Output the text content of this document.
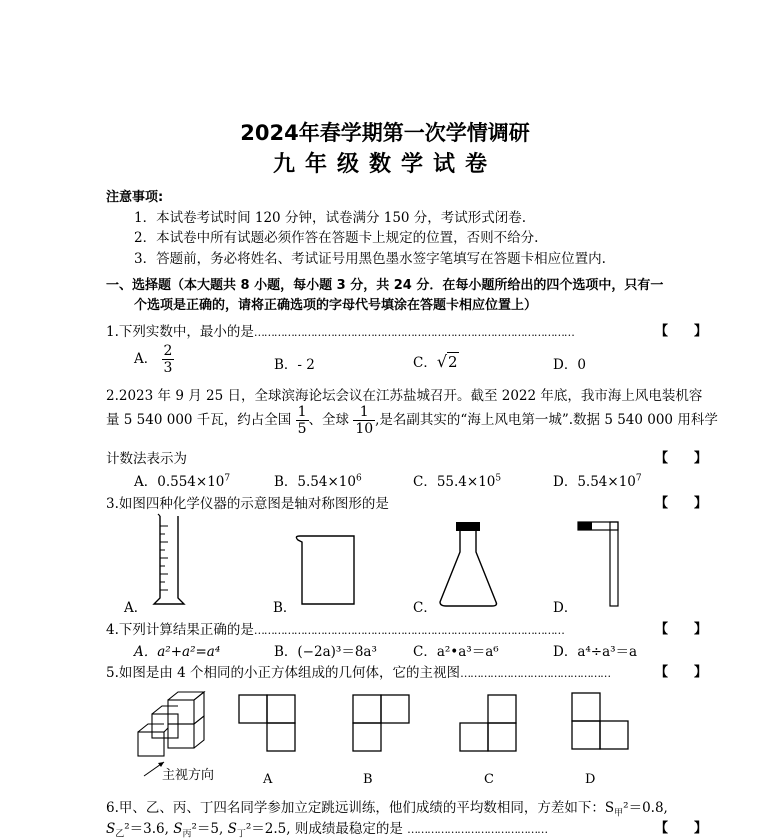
2024年春学期第一次学情调研
九年级数学试卷
注意事项:
1．本试卷考试时间 120 分钟，试卷满分 150 分，考试形式闭卷.
2．本试卷中所有试题必须作答在答题卡上规定的位置，否则不给分.
3．答题前，务必将姓名、考试证号用黑色墨水签字笔填写在答题卡相应位置内.
一、选择题（本大题共 8 小题，每小题 3 分，共 24 分．在每小题所给出的四个选项中，只有一
个选项是正确的，请将正确选项的字母代号填涂在答题卡相应位置上）
1.下列实数中，最小的是……………………………………………………………………………………	【　　】
A． $\frac{2}{3}$	B．- 2	C．√2	D．0
2.2023 年 9 月 25 日，全球滨海论坛会议在江苏盐城召开。截至 2022 年底，我市海上风电装机容
量 5 540 000 千瓦，约占全国 $\frac{1}{5}$ 、全球 $\frac{1}{10}$ ,是名副其实的“海上风电第一城”.数据 5 540 000 用科学
计数法表示为	【　　】
A．$0.554\times 10^7$	B．$5.54\times 10^6$	C．$55.4\times 10^5$	D．$5.54\times 10^7$
3.如图四种化学仪器的示意图是轴对称图形的是	【　　】
A．	B．	C．	D．
4.下列计算结果正确的是…………………………………………………………………………………	【　　】
A．a²+a²=a⁴	B．(−2a)³＝8a³	C．a²•a³＝a⁶	D．a⁴÷a³＝a
5.如图是由 4 个相同的小正方体组成的几何体，它的主视图………………………………………	【　　】
主视方向	A	B	C	D
6.甲、乙、丙、丁四名同学参加立定跳远训练，他们成绩的平均数相同，方差如下：$S_甲^2=0.8$,
$S_乙^2=3.6$, $S_丙^2=5$, $S_丁^2=2.5$, 则成绩最稳定的是 ……………………………………	【　　】
